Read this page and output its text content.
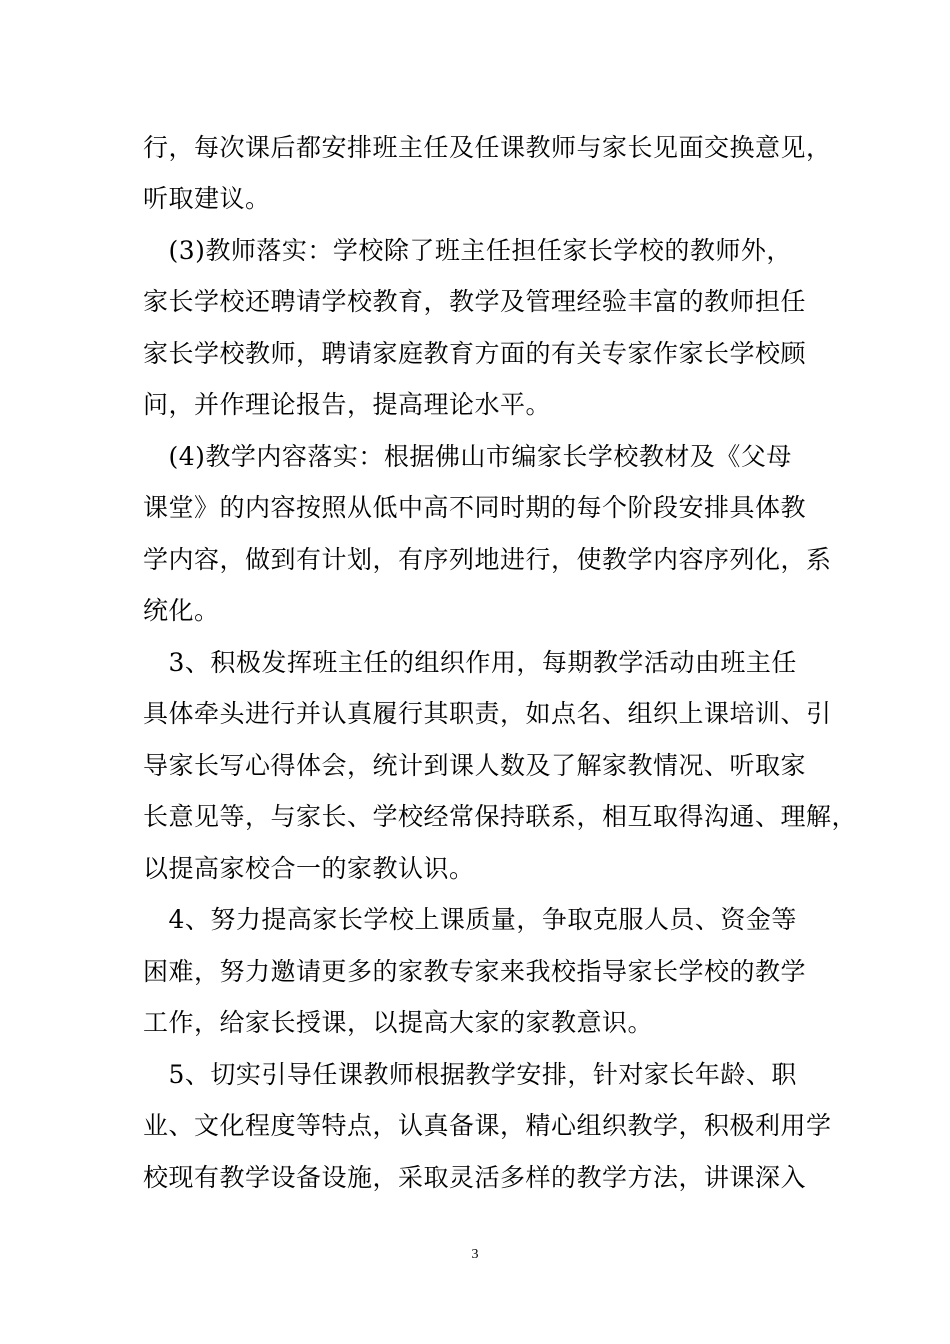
行，每次课后都安排班主任及任课教师与家长见面交换意见，
听取建议。
　(3)教师落实：学校除了班主任担任家长学校的教师外，
家长学校还聘请学校教育，教学及管理经验丰富的教师担任
家长学校教师，聘请家庭教育方面的有关专家作家长学校顾
问，并作理论报告，提高理论水平。
　(4)教学内容落实：根据佛山市编家长学校教材及《父母
课堂》的内容按照从低中高不同时期的每个阶段安排具体教
学内容，做到有计划，有序列地进行，使教学内容序列化，系
统化。
　3、积极发挥班主任的组织作用，每期教学活动由班主任
具体牵头进行并认真履行其职责，如点名、组织上课培训、引
导家长写心得体会，统计到课人数及了解家教情况、听取家
长意见等，与家长、学校经常保持联系，相互取得沟通、理解，
以提高家校合一的家教认识。
　4、努力提高家长学校上课质量，争取克服人员、资金等
困难，努力邀请更多的家教专家来我校指导家长学校的教学
工作，给家长授课，以提高大家的家教意识。
　5、切实引导任课教师根据教学安排，针对家长年龄、职
业、文化程度等特点，认真备课，精心组织教学，积极利用学
校现有教学设备设施，采取灵活多样的教学方法，讲课深入
3
